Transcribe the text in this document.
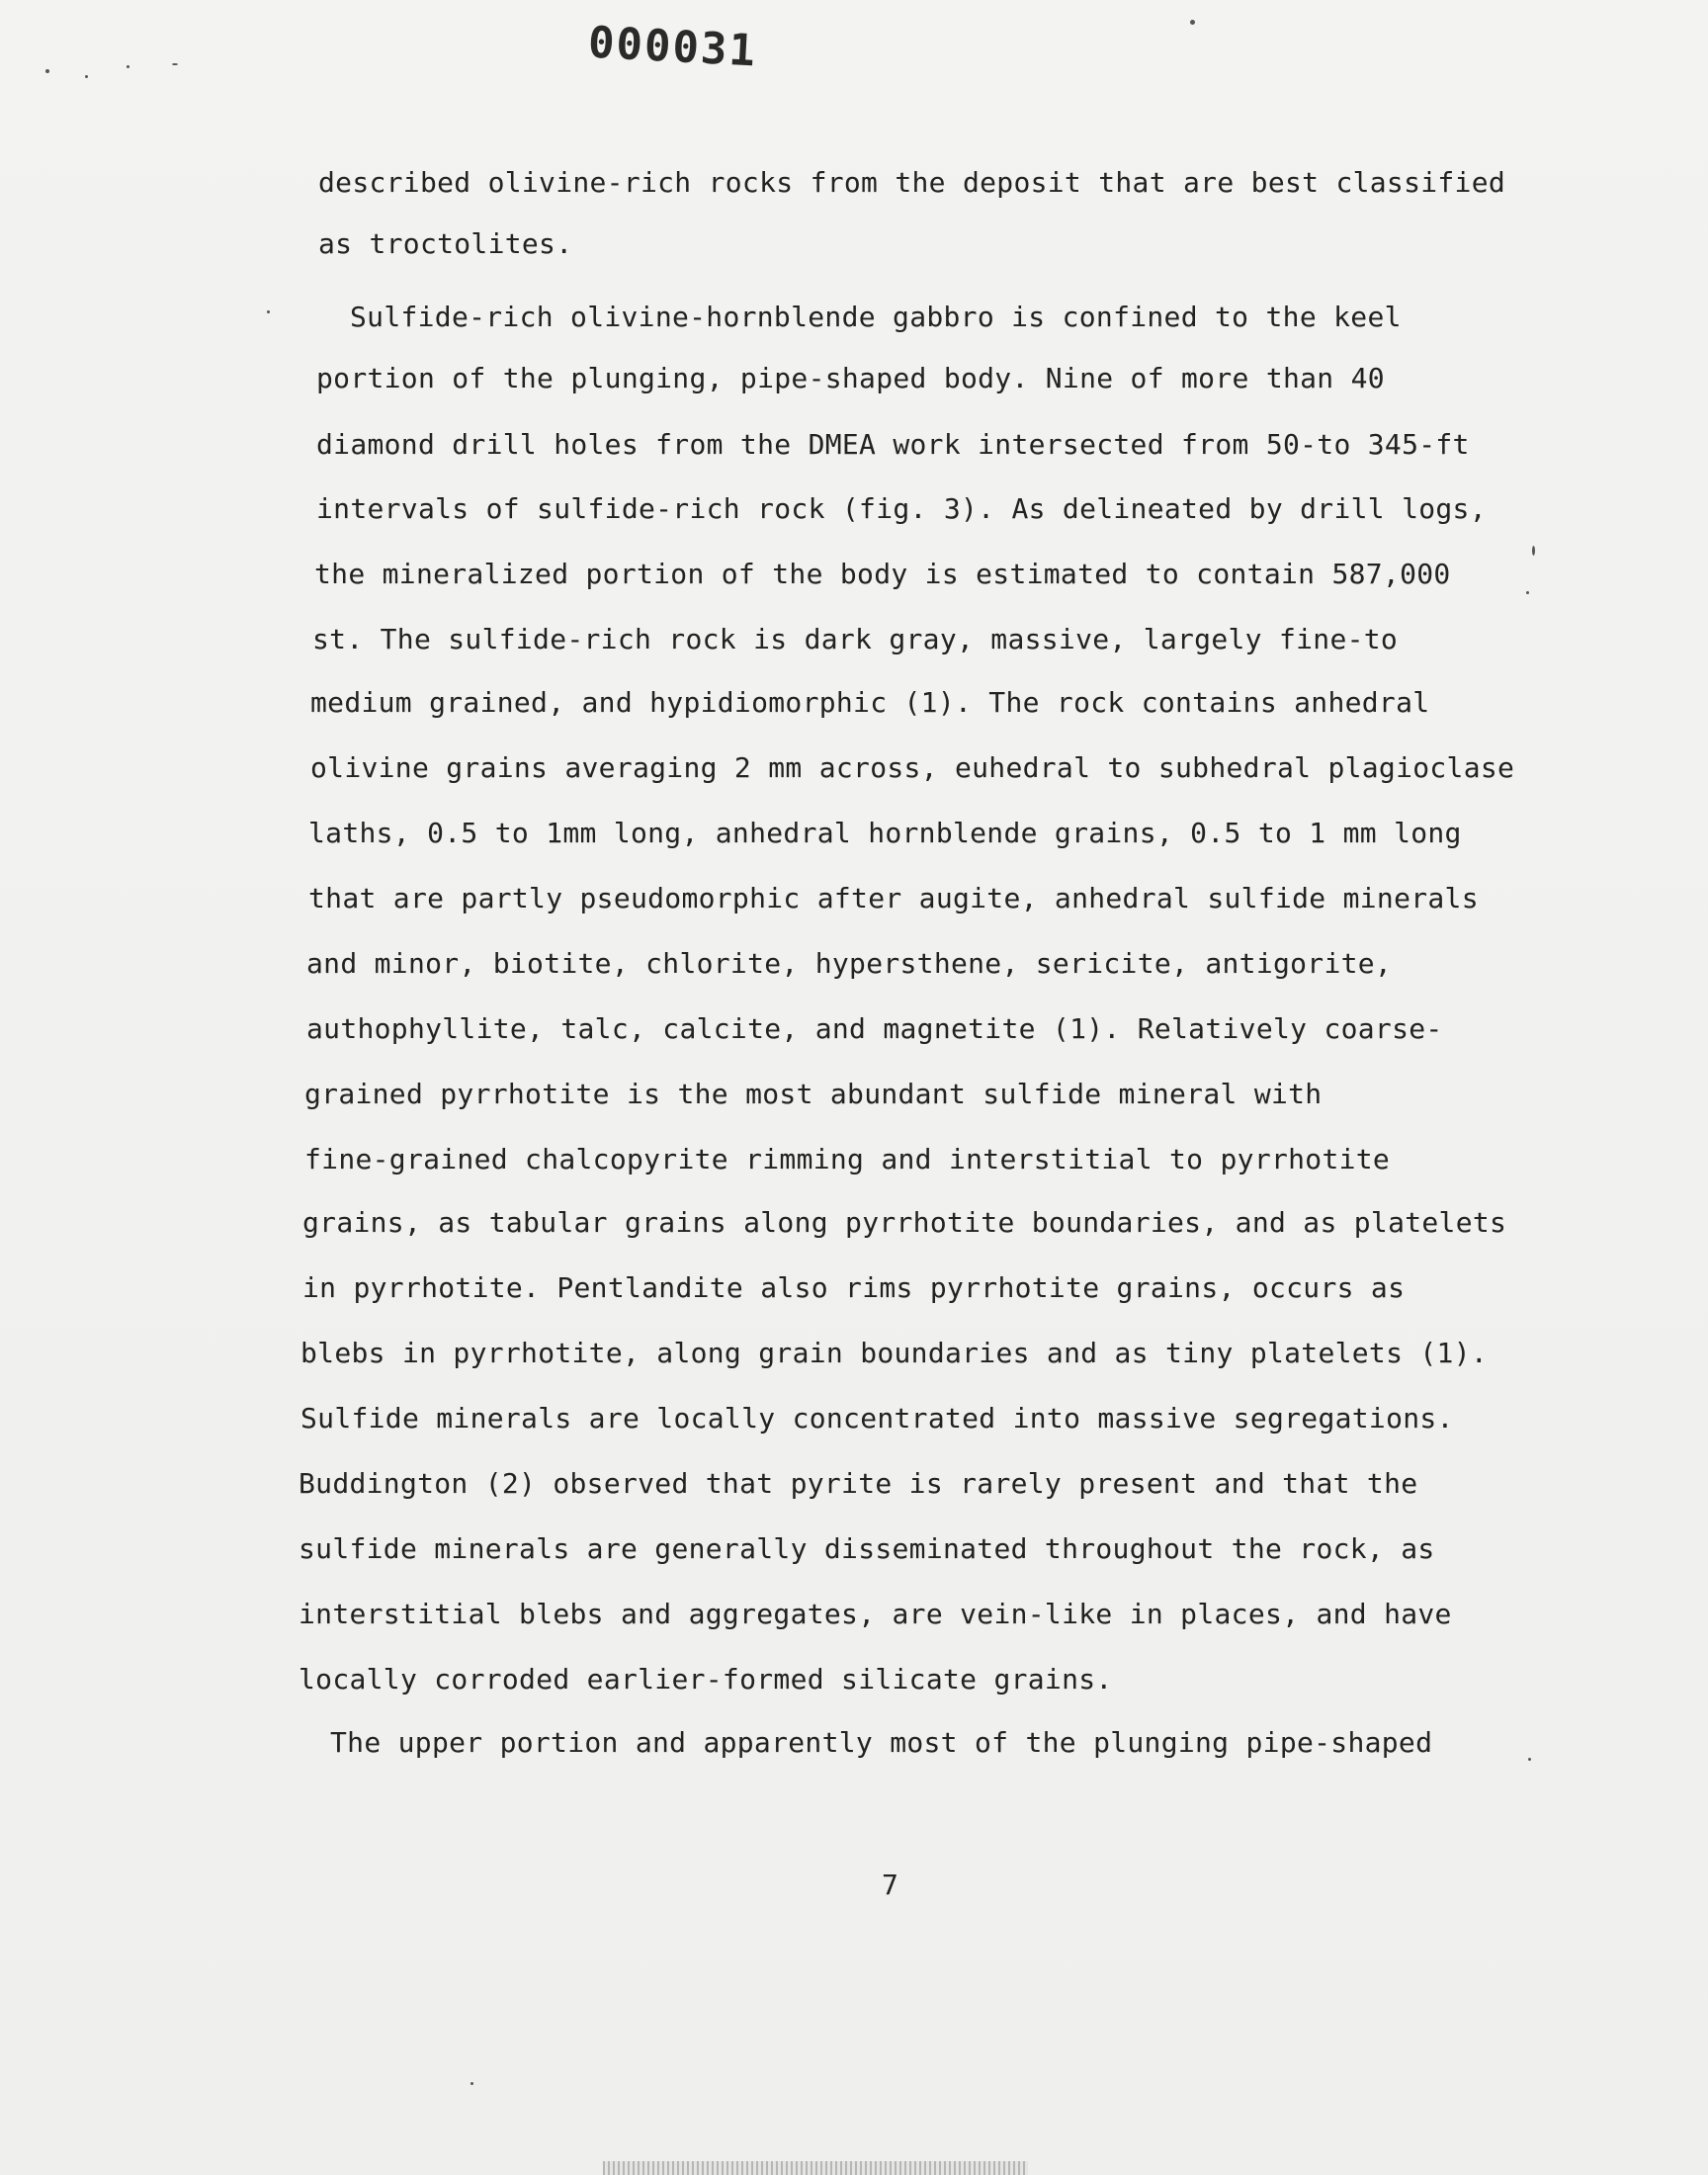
000031
described olivine-rich rocks from the deposit that are best classified
as troctolites.
Sulfide-rich olivine-hornblende gabbro is confined to the keel
portion of the plunging, pipe-shaped body. Nine of more than 40
diamond drill holes from the DMEA work intersected from 50-to 345-ft
intervals of sulfide-rich rock (fig. 3). As delineated by drill logs,
the mineralized portion of the body is estimated to contain 587,000
st. The sulfide-rich rock is dark gray, massive, largely fine-to
medium grained, and hypidiomorphic (1). The rock contains anhedral
olivine grains averaging 2 mm across, euhedral to subhedral plagioclase
laths, 0.5 to 1mm long, anhedral hornblende grains, 0.5 to 1 mm long
that are partly pseudomorphic after augite, anhedral sulfide minerals
and minor, biotite, chlorite, hypersthene, sericite, antigorite,
authophyllite, talc, calcite, and magnetite (1). Relatively coarse-
grained pyrrhotite is the most abundant sulfide mineral with
fine-grained chalcopyrite rimming and interstitial to pyrrhotite
grains, as tabular grains along pyrrhotite boundaries, and as platelets
in pyrrhotite. Pentlandite also rims pyrrhotite grains, occurs as
blebs in pyrrhotite, along grain boundaries and as tiny platelets (1).
Sulfide minerals are locally concentrated into massive segregations.
Buddington (2) observed that pyrite is rarely present and that the
sulfide minerals are generally disseminated throughout the rock, as
interstitial blebs and aggregates, are vein-like in places, and have
locally corroded earlier-formed silicate grains.
The upper portion and apparently most of the plunging pipe-shaped
7
